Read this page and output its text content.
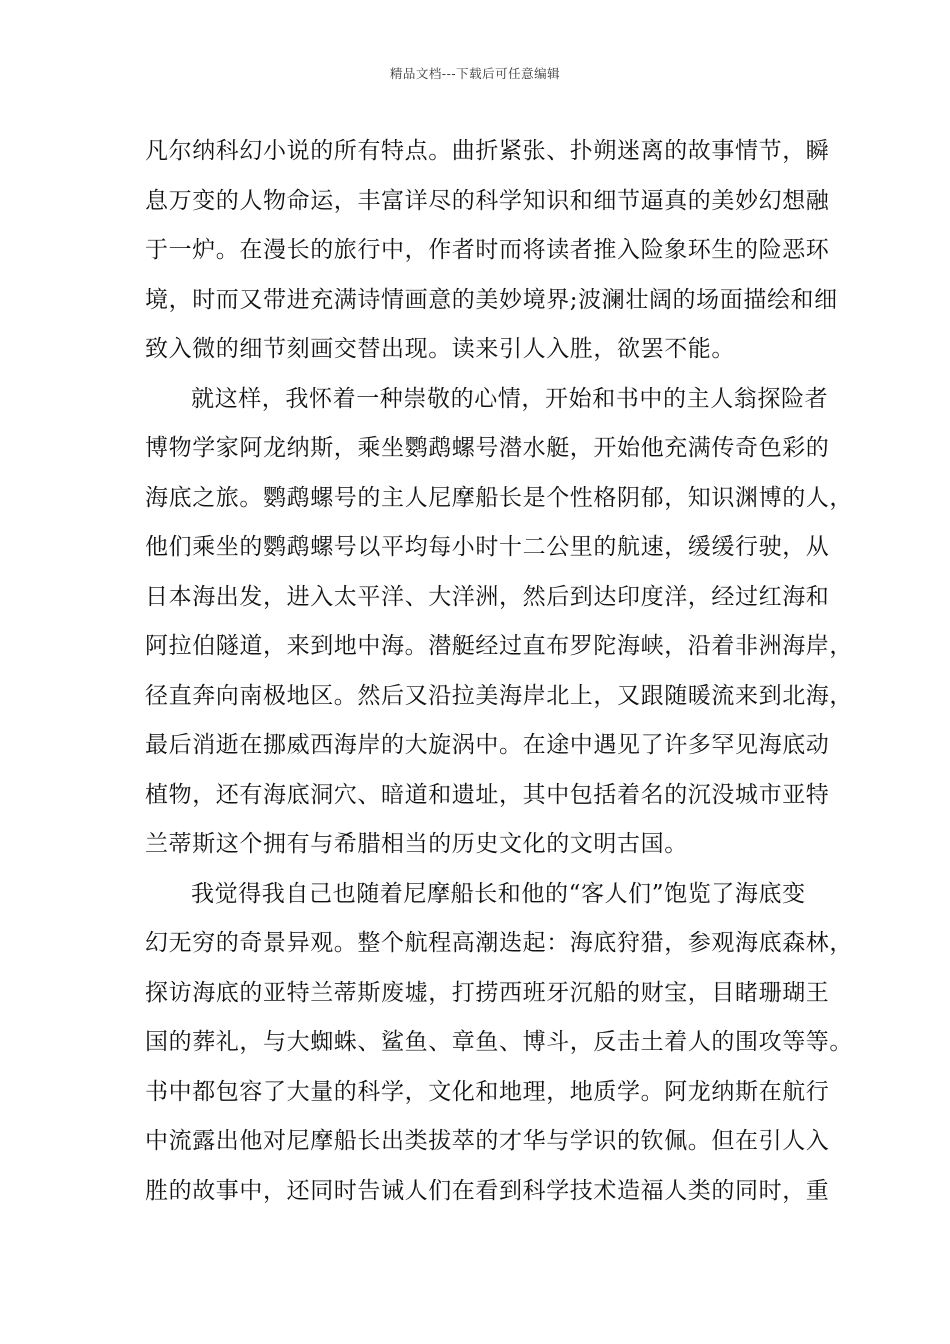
精品文档---下载后可任意编辑
凡尔纳科幻小说的所有特点。曲折紧张、扑朔迷离的故事情节，瞬
息万变的人物命运，丰富详尽的科学知识和细节逼真的美妙幻想融
于一炉。在漫长的旅行中，作者时而将读者推入险象环生的险恶环
境，时而又带进充满诗情画意的美妙境界;波澜壮阔的场面描绘和细
致入微的细节刻画交替出现。读来引人入胜，欲罢不能。
就这样，我怀着一种崇敬的心情，开始和书中的主人翁探险者
博物学家阿龙纳斯，乘坐鹦鹉螺号潜水艇，开始他充满传奇色彩的
海底之旅。鹦鹉螺号的主人尼摩船长是个性格阴郁，知识渊博的人，
他们乘坐的鹦鹉螺号以平均每小时十二公里的航速，缓缓行驶，从
日本海出发，进入太平洋、大洋洲，然后到达印度洋，经过红海和
阿拉伯隧道，来到地中海。潜艇经过直布罗陀海峡，沿着非洲海岸，
径直奔向南极地区。然后又沿拉美海岸北上，又跟随暖流来到北海，
最后消逝在挪威西海岸的大旋涡中。在途中遇见了许多罕见海底动
植物，还有海底洞穴、暗道和遗址，其中包括着名的沉没城市亚特
兰蒂斯这个拥有与希腊相当的历史文化的文明古国。
我觉得我自己也随着尼摩船长和他的“客人们”饱览了海底变
幻无穷的奇景异观。整个航程高潮迭起：海底狩猎，参观海底森林，
探访海底的亚特兰蒂斯废墟，打捞西班牙沉船的财宝，目睹珊瑚王
国的葬礼，与大蜘蛛、鲨鱼、章鱼、博斗，反击土着人的围攻等等。
书中都包容了大量的科学，文化和地理，地质学。阿龙纳斯在航行
中流露出他对尼摩船长出类拔萃的才华与学识的钦佩。但在引人入
胜的故事中，还同时告诫人们在看到科学技术造福人类的同时，重
